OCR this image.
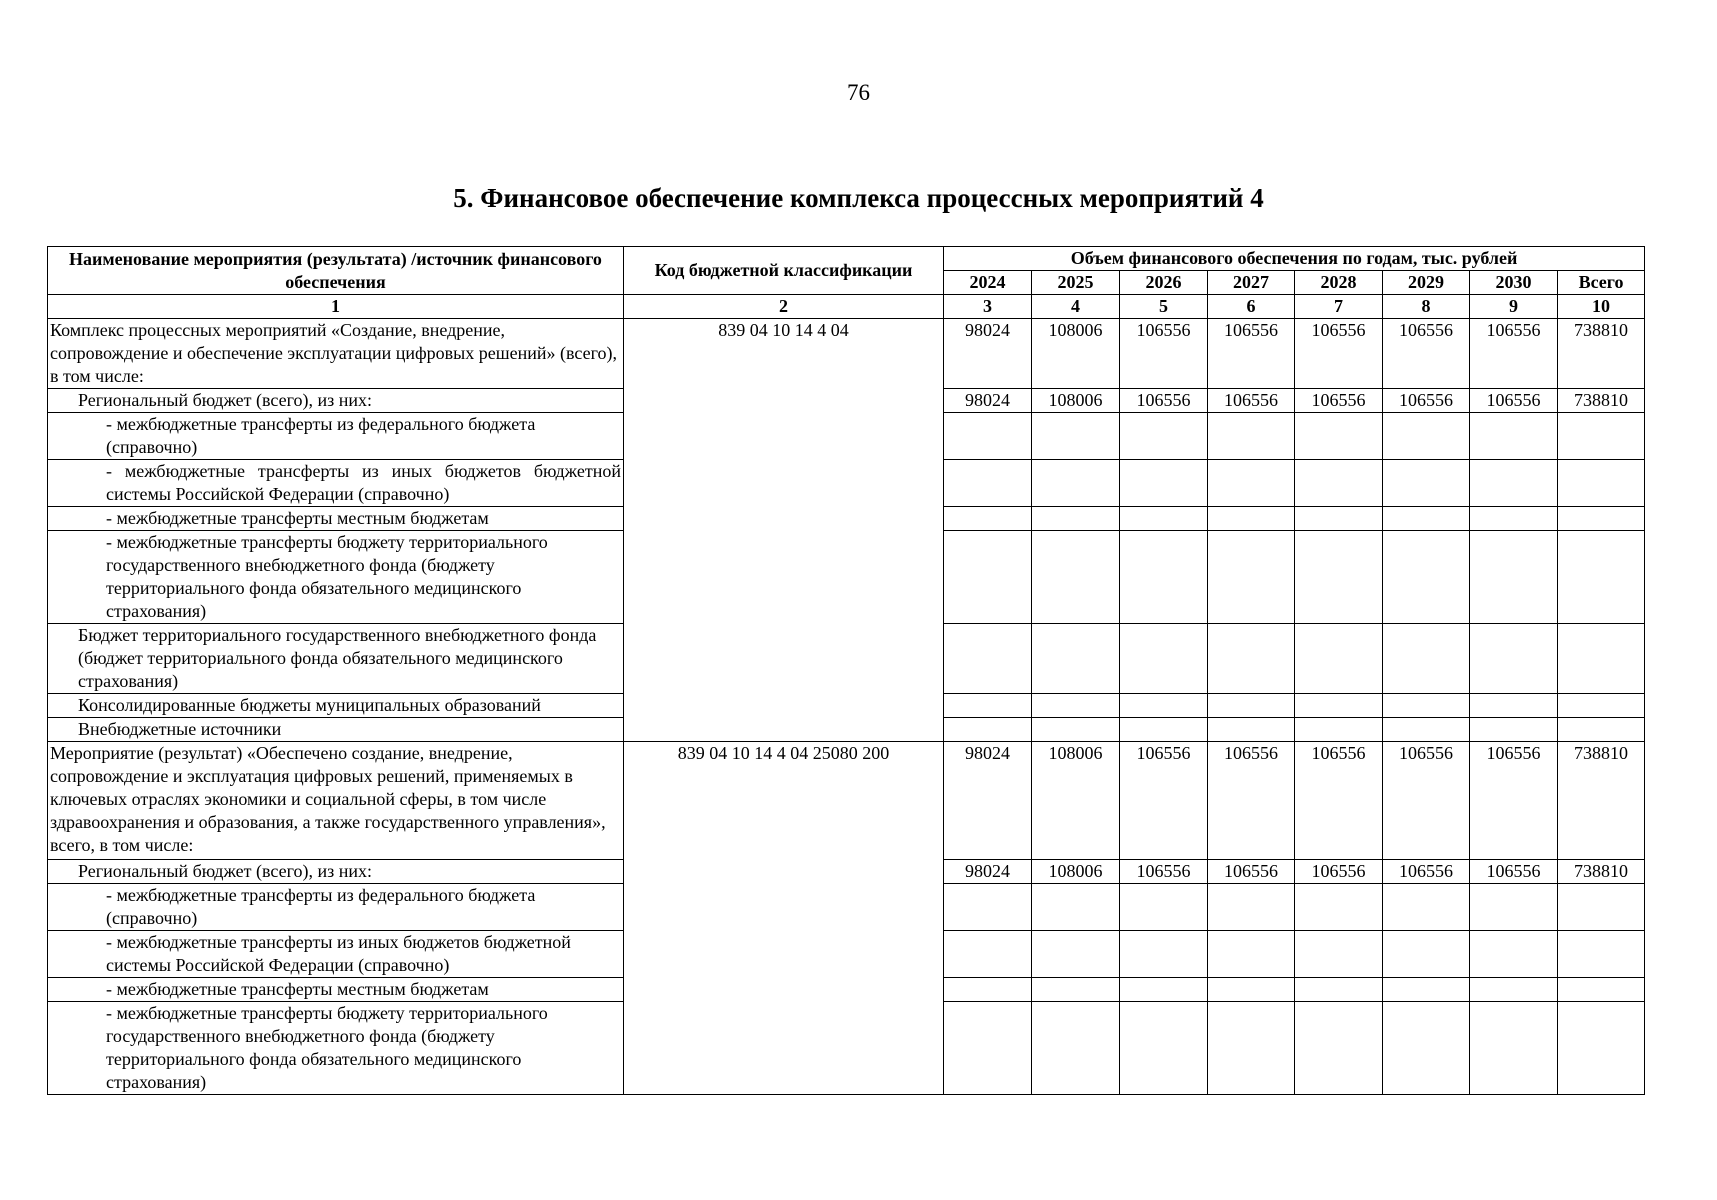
76
5. Финансовое обеспечение комплекса процессных мероприятий 4
Наименование мероприятия (результата) /источник финансового обеспечения	Код бюджетной классификации	Объем финансового обеспечения по годам, тыс. рублей							
		2024	2025	2026	2027	2028	2029	2030	Всего
1	2	3	4	5	6	7	8	9	10
Комплекс процессных мероприятий «Создание, внедрение, сопровождение и обеспечение эксплуатации цифровых решений» (всего), в том числе:	839 04 10 14 4 04	98024	108006	106556	106556	106556	106556	106556	738810
Региональный бюджет (всего), из них:		98024	108006	106556	106556	106556	106556	106556	738810
- межбюджетные трансферты из федерального бюджета (справочно)									
- межбюджетные трансферты из иных бюджетов бюджетной системы Российской Федерации (справочно)									
- межбюджетные трансферты местным бюджетам									
- межбюджетные трансферты бюджету территориального государственного внебюджетного фонда (бюджету территориального фонда обязательного медицинского страхования)									
Бюджет территориального государственного внебюджетного фонда (бюджет территориального фонда обязательного медицинского страхования)									
Консолидированные бюджеты муниципальных образований									
Внебюджетные источники									
Мероприятие (результат) «Обеспечено создание, внедрение, сопровождение и эксплуатация цифровых решений, применяемых в ключевых отраслях экономики и социальной сферы, в том числе здравоохранения и образования, а также государственного управления», всего, в том числе:	839 04 10 14 4 04 25080 200	98024	108006	106556	106556	106556	106556	106556	738810
Региональный бюджет (всего), из них:		98024	108006	106556	106556	106556	106556	106556	738810
- межбюджетные трансферты из федерального бюджета (справочно)									
- межбюджетные трансферты из иных бюджетов бюджетной системы Российской Федерации (справочно)									
- межбюджетные трансферты местным бюджетам									
- межбюджетные трансферты бюджету территориального государственного внебюджетного фонда (бюджету территориального фонда обязательного медицинского страхования)									
